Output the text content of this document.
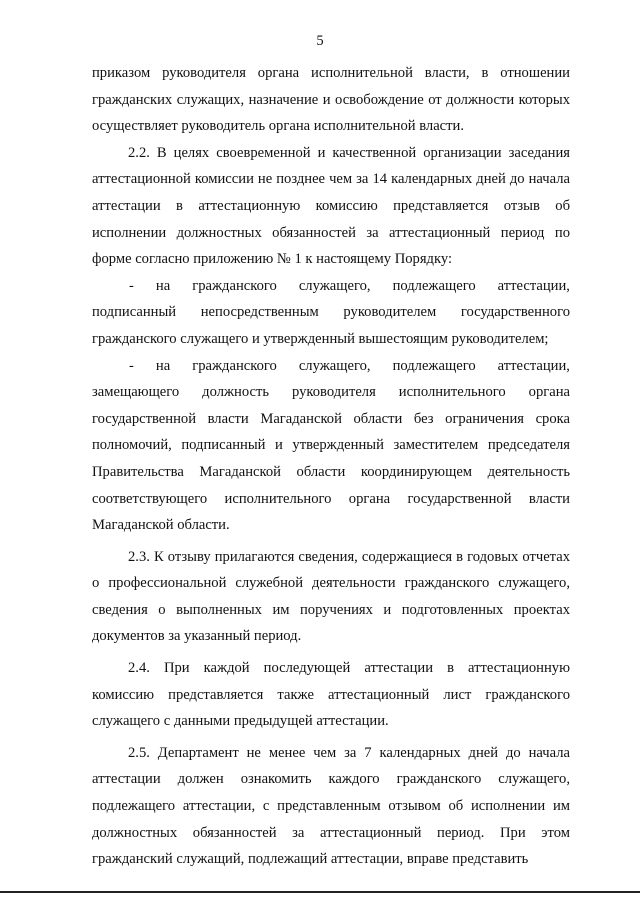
5

приказом руководителя органа исполнительной власти, в отношении гражданских служащих, назначение и освобождение от должности которых осуществляет руководитель органа исполнительной власти.

2.2. В целях своевременной и качественной организации заседания аттестационной комиссии не позднее чем за 14 календарных дней до начала аттестации в аттестационную комиссию представляется отзыв об исполнении должностных обязанностей за аттестационный период по форме согласно приложению № 1 к настоящему Порядку:

- на гражданского служащего, подлежащего аттестации,

подписанный непосредственным руководителем государственного гражданского служащего и утвержденный вышестоящим руководителем;

- на гражданского служащего, подлежащего аттестации,

замещающего должность руководителя исполнительного органа государственной власти Магаданской области без ограничения срока полномочий, подписанный и утвержденный заместителем председателя Правительства Магаданской области координирующем деятельность соответствующего исполнительного органа государственной власти Магаданской области.

2.3. К отзыву прилагаются сведения, содержащиеся в годовых отчетах о профессиональной служебной деятельности гражданского служащего, сведения о выполненных им поручениях и подготовленных проектах документов за указанный период.

2.4. При каждой последующей аттестации в аттестационную комиссию представляется также аттестационный лист гражданского служащего с данными предыдущей аттестации.

2.5. Департамент не менее чем за 7 календарных дней до начала аттестации должен ознакомить каждого гражданского служащего, подлежащего аттестации, с представленным отзывом об исполнении им должностных обязанностей за аттестационный период. При этом гражданский служащий, подлежащий аттестации, вправе представить
